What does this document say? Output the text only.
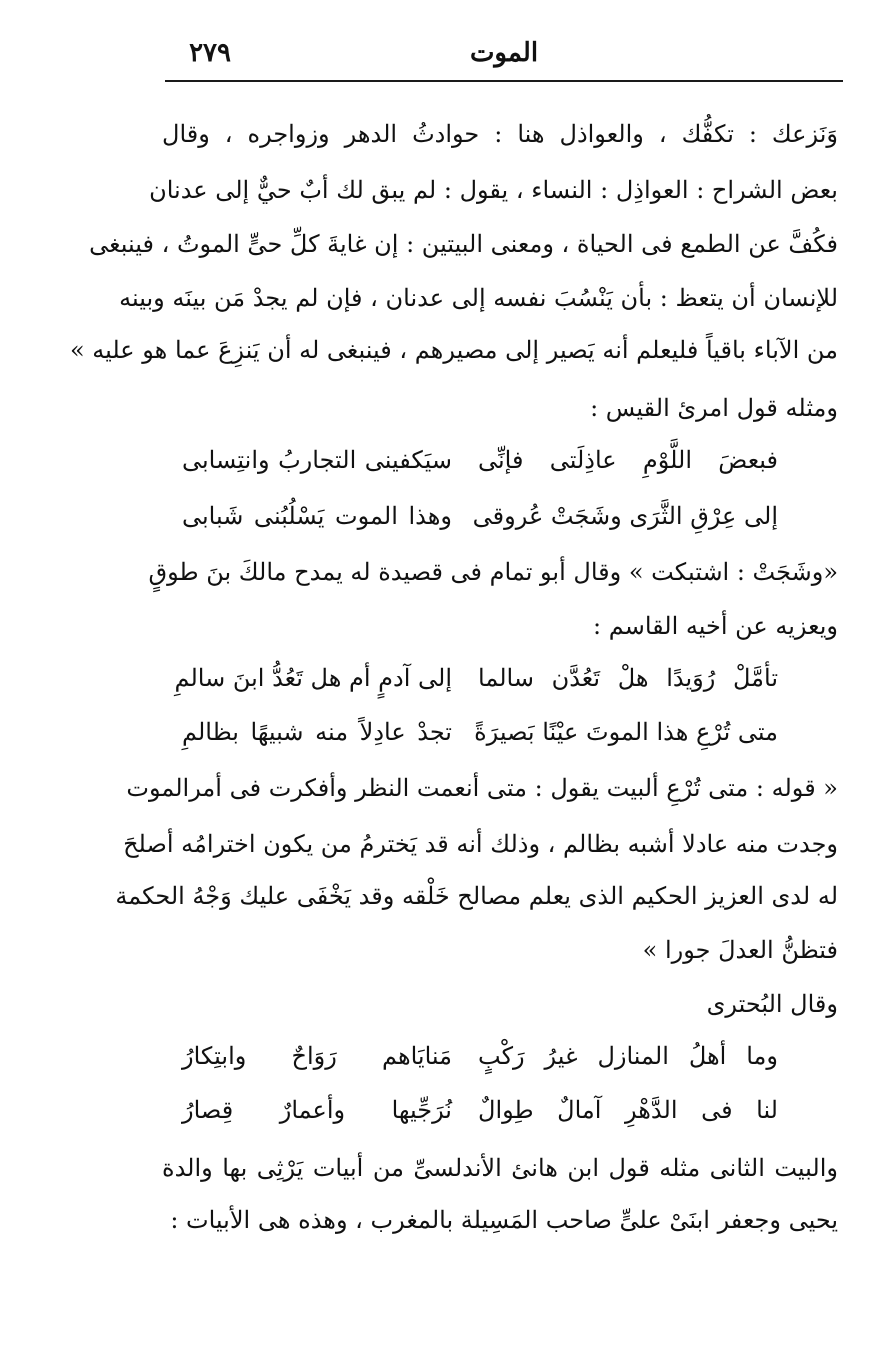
الموت
٢٧٩
وَنَزعك : تكفُّك ، والعواذل هنا : حوادثُ الدهر وزواجره ، وقال
بعض الشراح : العواذِل : النساء ، يقول : لم يبق لك أبٌ حيٌّ إلى عدنان
فكُفَّ عن الطمع فى الحياة ، ومعنى البيتين : إن غايةَ كلِّ حىٍّ الموتُ ، فينبغى
للإنسان أن يتعظ : بأن يَنْسُبَ نفسه إلى عدنان ، فإن لم يجدْ مَن بينَه وبينه
من الآباء باقياً فليعلم أنه يَصير إلى مصيرهم ، فينبغى له أن يَنزِعَ عما هو عليه »
ومثله قول امرئ القيس :
فبعضَ اللَّوْمِ عاذِلَتى فإنِّى
سيَكفينى التجاربُ وانتِسابى
إلى عِرْقِ الثَّرَى وشَجَتْ عُروقى
وهذا الموت يَسْلُبُنى شَبابى
«وشَجَتْ : اشتبكت » وقال أبو تمام فى قصيدة له يمدح مالكَ بنَ طوقٍ
ويعزيه عن أخيه القاسم :
تأمَّلْ رُوَيدًا هلْ تَعُدَّن سالما
إلى آدمٍ أم هل تَعُدُّ ابنَ سالمِ
متى تُرْعِ هذا الموتَ عيْنًا بَصيرَةً
تجدْ عادِلاً منه شبيهًا بظالمِ
« قوله : متى تُرْعِ ألبيت يقول : متى أنعمت النظر وأفكرت فى أمرالموت
وجدت منه عادلا أشبه بظالم ، وذلك أنه قد يَخترمُ من يكون اخترامُه أصلحَ
له لدى العزيز الحكيم الذى يعلم مصالح خَلْقه وقد يَخْفَى عليك وَجْهُ الحكمة
فتظنُّ العدلَ جورا »
وقال البُحترى
وما أهلُ المنازل غيرُ رَكْبٍ
مَنايَاهم رَوَاحٌ وابتِكارُ
لنا فى الدَّهْرِ آمالٌ طِوالٌ
نُرَجِّيها وأعمارٌ قِصارُ
والبيت الثانى مثله قول ابن هانئ الأندلسىِّ من أبيات يَرْثِى بها والدة
يحيى وجعفر ابنَىْ علىٍّ صاحب المَسِيلة بالمغرب ، وهذه هى الأبيات :
